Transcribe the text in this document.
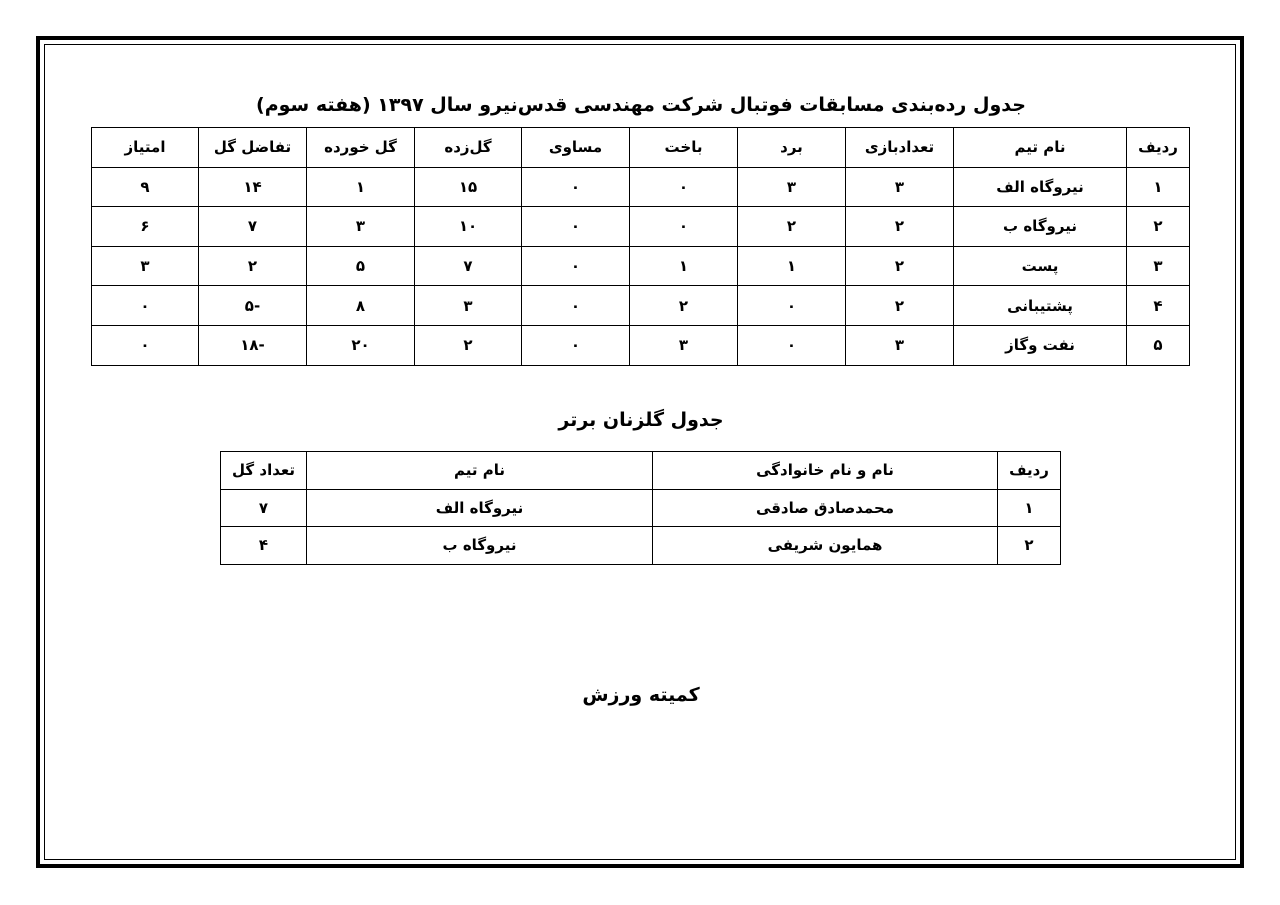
جدول رده‌بندی مسابقات فوتبال شرکت مهندسی قدس‌نیرو سال ۱۳۹۷ (هفته سوم)
ردیف	نام تیم	تعدادبازی	برد	باخت	مساوی	گل‌زده	گل خورده	تفاضل گل	امتیاز
۱	نیروگاه الف	۳	۳	۰	۰	۱۵	۱	۱۴	۹
۲	نیروگاه ب	۲	۲	۰	۰	۱۰	۳	۷	۶
۳	پست	۲	۱	۱	۰	۷	۵	۲	۳
۴	پشتیبانی	۲	۰	۲	۰	۳	۸	-۵	۰
۵	نفت وگاز	۳	۰	۳	۰	۲	۲۰	-۱۸	۰
جدول گلزنان برتر
ردیف	نام و نام خانوادگی	نام تیم	تعداد گل
۱	محمدصادق صادقی	نیروگاه الف	۷
۲	همایون شریفی	نیروگاه ب	۴
کمیته ورزش
